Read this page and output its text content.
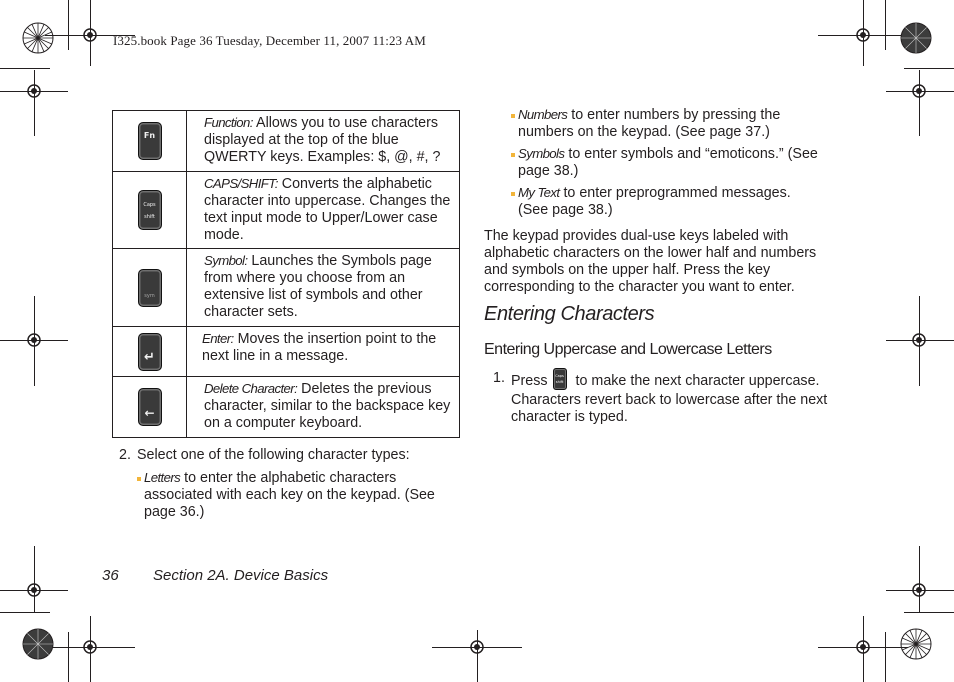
I325.book Page 36 Tuesday, December 11, 2007 11:23 AM
Fn	Function: Allows you to use characters displayed at the top of the blue QWERTY keys. Examples: $, @, #, ?

Caps shift	CAPS/SHIFT: Converts the alphabetic character into uppercase. Changes the text input mode to Upper/Lower case mode.

sym	Symbol: Launches the Symbols page from where you choose from an extensive list of symbols and other character sets.

↵	Enter: Moves the insertion point to the next line in a message.

←	Delete Character: Deletes the previous character, similar to the backspace key on a computer keyboard.
2. Select one of the following character types:
Letters to enter the alphabetic characters associated with each key on the keypad. (See page 36.)
Numbers to enter numbers by pressing the numbers on the keypad. (See page 37.)
Symbols to enter symbols and “emoticons.” (See page 38.)
My Text to enter preprogrammed messages. (See page 38.)
The keypad provides dual-use keys labeled with alphabetic characters on the lower half and numbers and symbols on the upper half. Press the key corresponding to the character you want to enter.
Entering Characters
Entering Uppercase and Lowercase Letters
1. Press	Caps shift to make the next character uppercase. Characters revert back to lowercase after the next character is typed.
36 Section 2A. Device Basics
